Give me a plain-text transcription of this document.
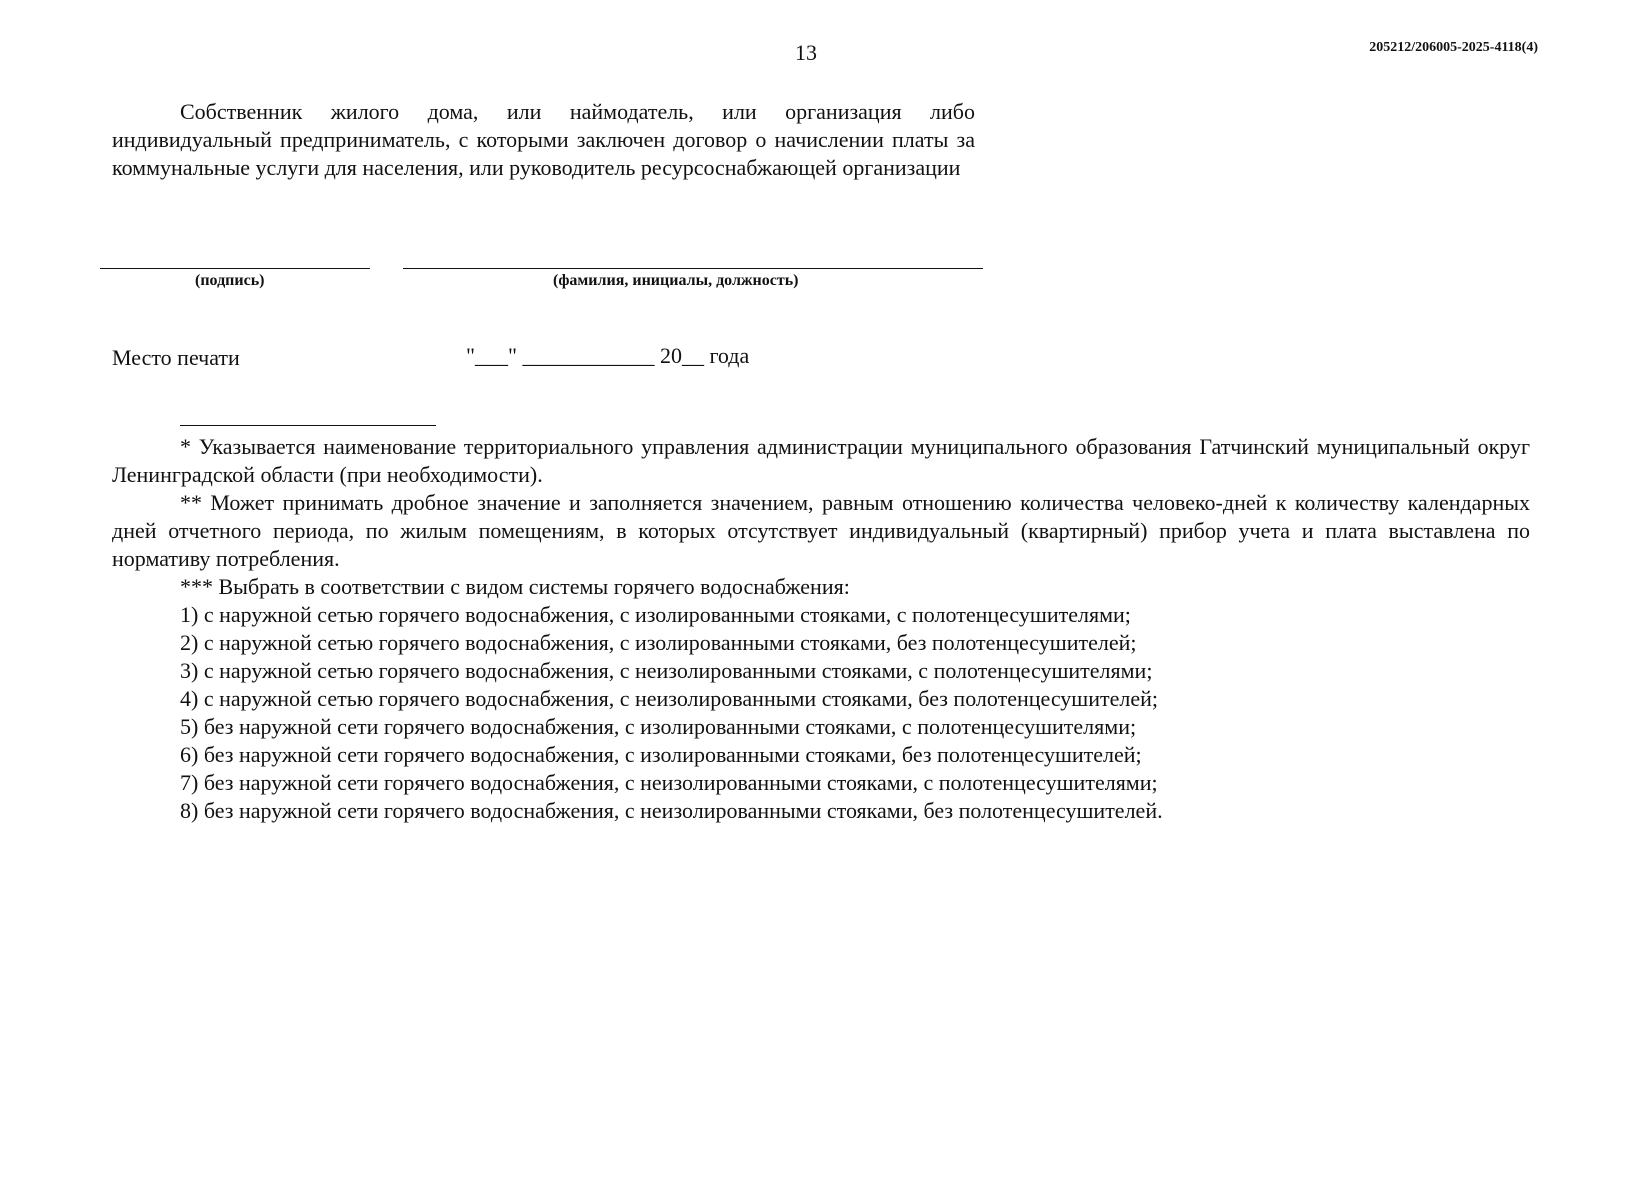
13	205212/206005-2025-4118(4)

Собственник жилого дома, или наймодатель, или организация либо индивидуальный предприниматель, с которыми заключен договор о начислении платы за коммунальные услуги для населения, или руководитель ресурсоснабжающей организации

(подпись)	(фамилия, инициалы, должность)
Место печати	"___" ____________ 20__ года

* Указывается наименование территориального управления администрации муниципального образования Гатчинский муниципальный округ Ленинградской области (при необходимости).

** Может принимать дробное значение и заполняется значением, равным отношению количества человеко-дней к количеству календарных дней отчетного периода, по жилым помещениям, в которых отсутствует индивидуальный (квартирный) прибор учета и плата выставлена по нормативу потребления.

*** Выбрать в соответствии с видом системы горячего водоснабжения:

1) с наружной сетью горячего водоснабжения, с изолированными стояками, с полотенцесушителями;
2) с наружной сетью горячего водоснабжения, с изолированными стояками, без полотенцесушителей;
3) с наружной сетью горячего водоснабжения, с неизолированными стояками, с полотенцесушителями;
4) с наружной сетью горячего водоснабжения, с неизолированными стояками, без полотенцесушителей;
5) без наружной сети горячего водоснабжения, с изолированными стояками, с полотенцесушителями;
6) без наружной сети горячего водоснабжения, с изолированными стояками, без полотенцесушителей;
7) без наружной сети горячего водоснабжения, с неизолированными стояками, с полотенцесушителями;
8) без наружной сети горячего водоснабжения, с неизолированными стояками, без полотенцесушителей.
